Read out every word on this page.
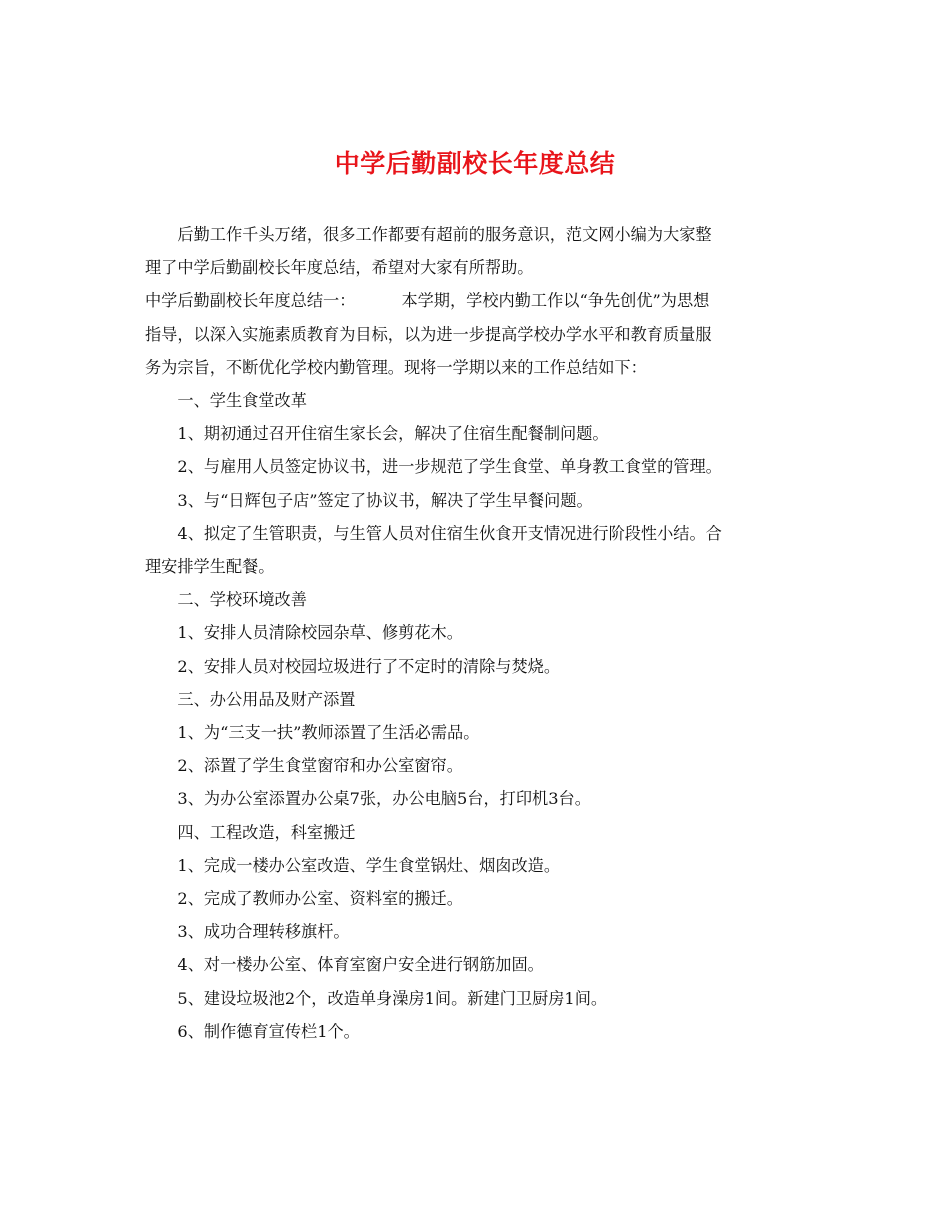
中学后勤副校长年度总结

后勤工作千头万绪，很多工作都要有超前的服务意识，范文网小编为大家整

理了中学后勤副校长年度总结，希望对大家有所帮助。

中学后勤副校长年度总结一：	本学期，学校内勤工作以“争先创优”为思想

指导，以深入实施素质教育为目标，以为进一步提高学校办学水平和教育质量服

务为宗旨，不断优化学校内勤管理。现将一学期以来的工作总结如下：

一、学生食堂改革

1、期初通过召开住宿生家长会，解决了住宿生配餐制问题。

2、与雇用人员签定协议书，进一步规范了学生食堂、单身教工食堂的管理。

3、与“日辉包子店”签定了协议书，解决了学生早餐问题。

4、拟定了生管职责，与生管人员对住宿生伙食开支情况进行阶段性小结。合

理安排学生配餐。

二、学校环境改善

1、安排人员清除校园杂草、修剪花木。

2、安排人员对校园垃圾进行了不定时的清除与焚烧。

三、办公用品及财产添置

1、为“三支一扶”教师添置了生活必需品。

2、添置了学生食堂窗帘和办公室窗帘。

3、为办公室添置办公桌7张，办公电脑5台，打印机3台。

四、工程改造，科室搬迁

1、完成一楼办公室改造、学生食堂锅灶、烟囱改造。

2、完成了教师办公室、资料室的搬迁。

3、成功合理转移旗杆。

4、对一楼办公室、体育室窗户安全进行钢筋加固。

5、建设垃圾池2个，改造单身澡房1间。新建门卫厨房1间。

6、制作德育宣传栏1个。
